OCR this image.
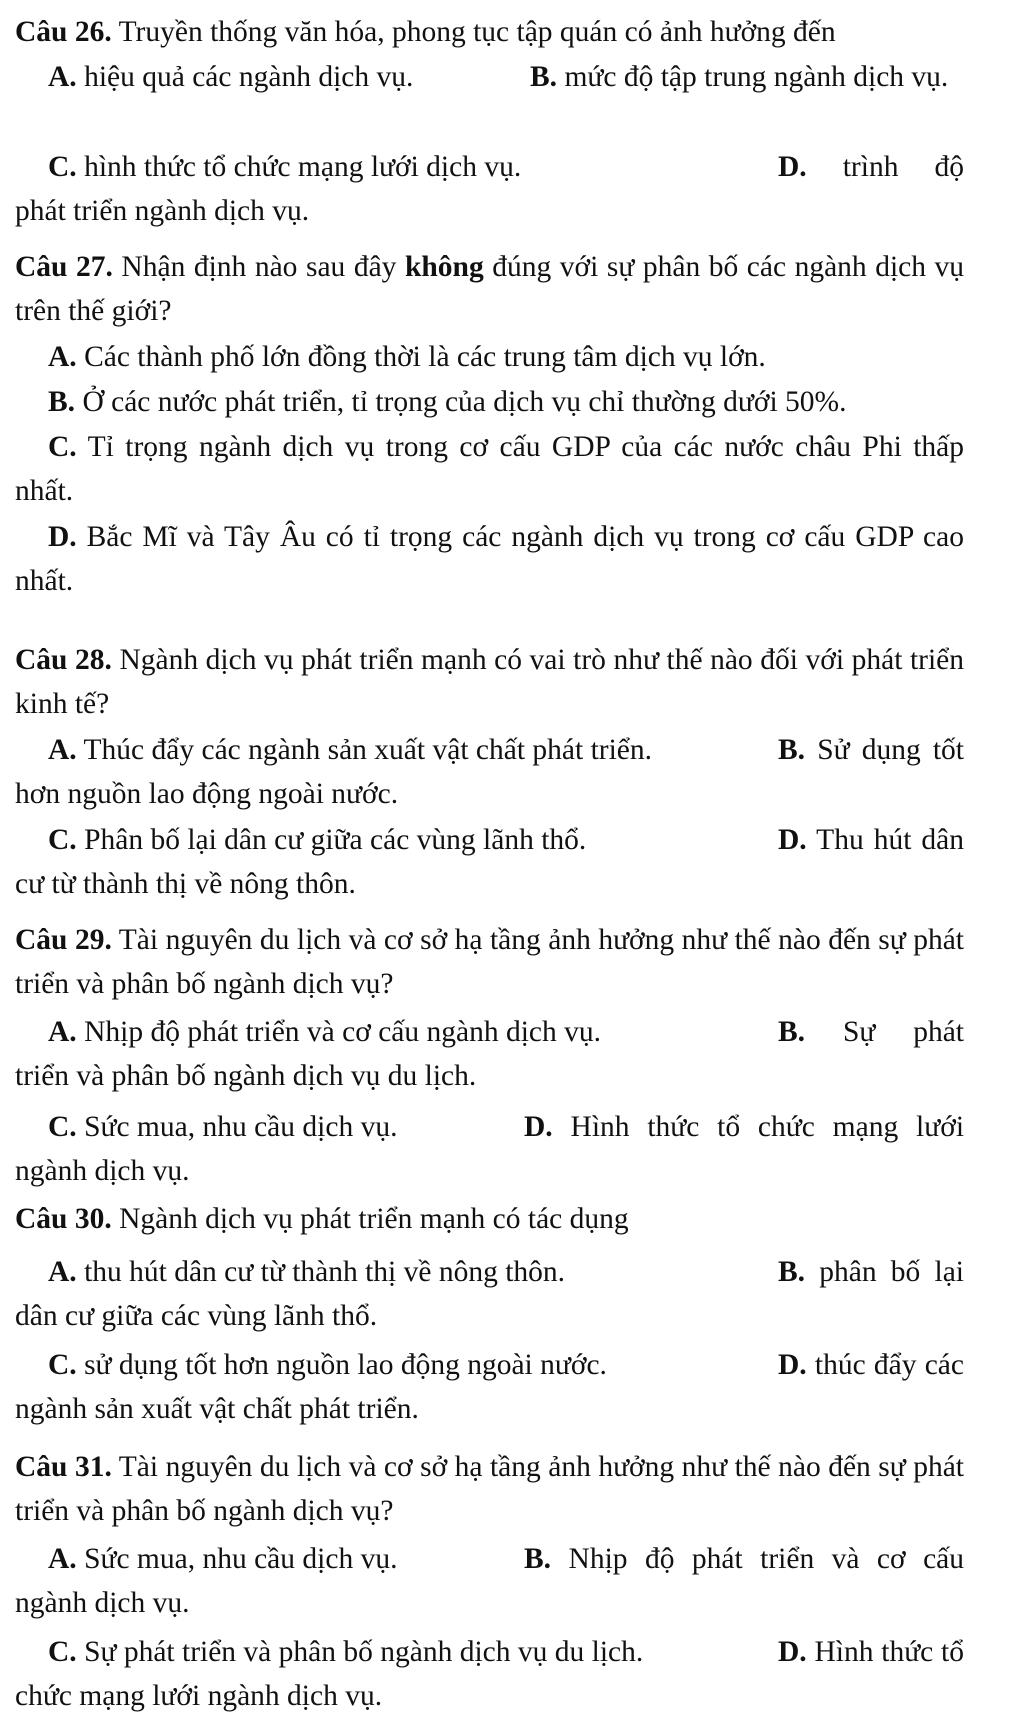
Câu 26. Truyền thống văn hóa, phong tục tập quán có ảnh hưởng đến
A. hiệu quả các ngành dịch vụ.	B. mức độ tập trung ngành dịch vụ.
C. hình thức tổ chức mạng lưới dịch vụ.	D. trình độ phát triển ngành dịch vụ.
Câu 27. Nhận định nào sau đây không đúng với sự phân bố các ngành dịch vụ trên thế giới?
A. Các thành phố lớn đồng thời là các trung tâm dịch vụ lớn.
B. Ở các nước phát triển, tỉ trọng của dịch vụ chỉ thường dưới 50%.
C. Tỉ trọng ngành dịch vụ trong cơ cấu GDP của các nước châu Phi thấp nhất.
D. Bắc Mĩ và Tây Âu có tỉ trọng các ngành dịch vụ trong cơ cấu GDP cao nhất.
Câu 28. Ngành dịch vụ phát triển mạnh có vai trò như thế nào đối với phát triển kinh tế?
A. Thúc đẩy các ngành sản xuất vật chất phát triển.	B. Sử dụng tốt hơn nguồn lao động ngoài nước.
C. Phân bố lại dân cư giữa các vùng lãnh thổ.	D. Thu hút dân cư từ thành thị về nông thôn.
Câu 29. Tài nguyên du lịch và cơ sở hạ tầng ảnh hưởng như thế nào đến sự phát triển và phân bố ngành dịch vụ?
A. Nhịp độ phát triển và cơ cấu ngành dịch vụ.	B. Sự phát triển và phân bố ngành dịch vụ du lịch.
C. Sức mua, nhu cầu dịch vụ.	D. Hình thức tổ chức mạng lưới ngành dịch vụ.
Câu 30. Ngành dịch vụ phát triển mạnh có tác dụng
A. thu hút dân cư từ thành thị về nông thôn.	B. phân bố lại dân cư giữa các vùng lãnh thổ.
C. sử dụng tốt hơn nguồn lao động ngoài nước.	D. thúc đẩy các ngành sản xuất vật chất phát triển.
Câu 31. Tài nguyên du lịch và cơ sở hạ tầng ảnh hưởng như thế nào đến sự phát triển và phân bố ngành dịch vụ?
A. Sức mua, nhu cầu dịch vụ.	B. Nhịp độ phát triển và cơ cấu ngành dịch vụ.
C. Sự phát triển và phân bố ngành dịch vụ du lịch.	D. Hình thức tổ chức mạng lưới ngành dịch vụ.
